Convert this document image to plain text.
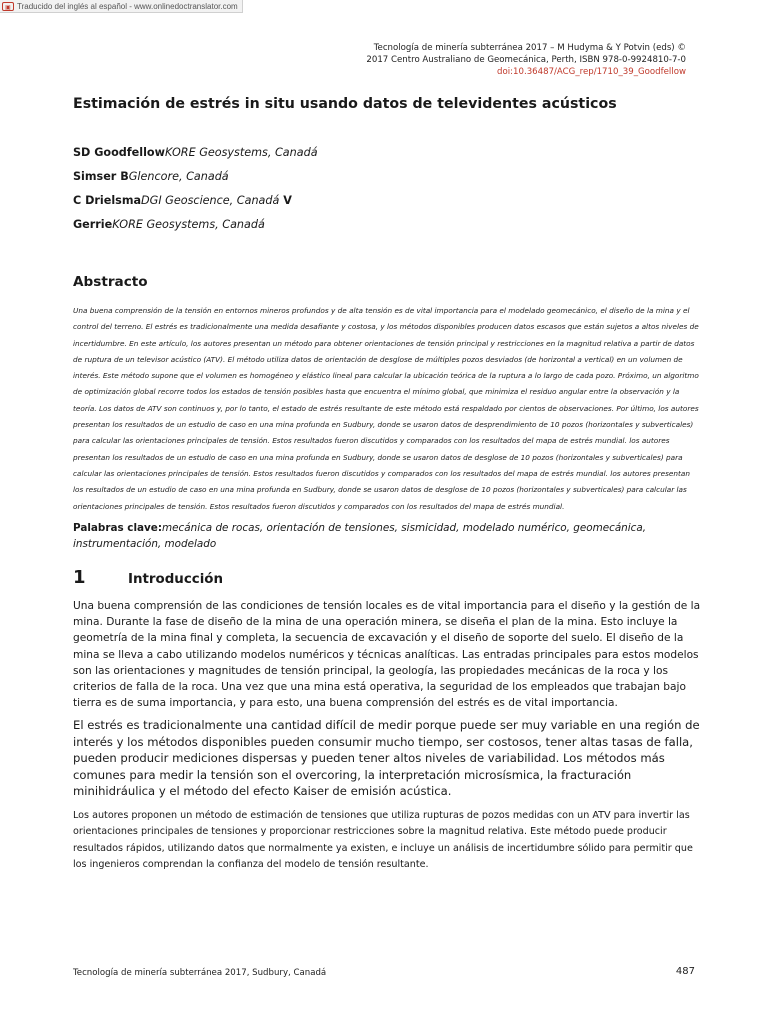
▣ Traducido del inglés al español - www.onlinedoctranslator.com
Tecnología de minería subterránea 2017 – M Hudyma & Y Potvin (eds) ©
2017 Centro Australiano de Geomecánica, Perth, ISBN 978-0-9924810-7-0
doi:10.36487/ACG_rep/1710_39_Goodfellow
Estimación de estrés in situ usando datos de televidentes acústicos
SD GoodfellowKORE Geosystems, Canadá
Simser BGlencore, Canadá
C DrielsmaDGI Geoscience, Canadá V
GerrieKORE Geosystems, Canadá
Abstracto

Una buena comprensión de la tensión en entornos mineros profundos y de alta tensión es de vital importancia para el modelado geomecánico, el diseño de la mina y el control del terreno. El estrés es tradicionalmente una medida desafiante y costosa, y los métodos disponibles producen datos escasos que están sujetos a altos niveles de incertidumbre. En este artículo, los autores presentan un método para obtener orientaciones de tensión principal y restricciones en la magnitud relativa a partir de datos de ruptura de un televisor acústico (ATV). El método utiliza datos de orientación de desglose de múltiples pozos desviados (de horizontal a vertical) en un volumen de interés. Este método supone que el volumen es homogéneo y elástico lineal para calcular la ubicación teórica de la ruptura a lo largo de cada pozo. Próximo, un algoritmo de optimización global recorre todos los estados de tensión posibles hasta que encuentra el mínimo global, que minimiza el residuo angular entre la observación y la teoría. Los datos de ATV son continuos y, por lo tanto, el estado de estrés resultante de este método está respaldado por cientos de observaciones. Por último, los autores presentan los resultados de un estudio de caso en una mina profunda en Sudbury, donde se usaron datos de desprendimiento de 10 pozos (horizontales y subverticales) para calcular las orientaciones principales de tensión. Estos resultados fueron discutidos y comparados con los resultados del mapa de estrés mundial. los autores presentan los resultados de un estudio de caso en una mina profunda en Sudbury, donde se usaron datos de desglose de 10 pozos (horizontales y subverticales) para calcular las orientaciones principales de tensión. Estos resultados fueron discutidos y comparados con los resultados del mapa de estrés mundial. los autores presentan los resultados de un estudio de caso en una mina profunda en Sudbury, donde se usaron datos de desglose de 10 pozos (horizontales y subverticales) para calcular las orientaciones principales de tensión. Estos resultados fueron discutidos y comparados con los resultados del mapa de estrés mundial.

Palabras clave:mecánica de rocas, orientación de tensiones, sismicidad, modelado numérico, geomecánica, instrumentación, modelado

1	Introducción

Una buena comprensión de las condiciones de tensión locales es de vital importancia para el diseño y la gestión de la mina. Durante la fase de diseño de la mina de una operación minera, se diseña el plan de la mina. Esto incluye la geometría de la mina final y completa, la secuencia de excavación y el diseño de soporte del suelo. El diseño de la mina se lleva a cabo utilizando modelos numéricos y técnicas analíticas. Las entradas principales para estos modelos son las orientaciones y magnitudes de tensión principal, la geología, las propiedades mecánicas de la roca y los criterios de falla de la roca. Una vez que una mina está operativa, la seguridad de los empleados que trabajan bajo tierra es de suma importancia, y para esto, una buena comprensión del estrés es de vital importancia.

El estrés es tradicionalmente una cantidad difícil de medir porque puede ser muy variable en una región de interés y los métodos disponibles pueden consumir mucho tiempo, ser costosos, tener altas tasas de falla, pueden producir mediciones dispersas y pueden tener altos niveles de variabilidad. Los métodos más comunes para medir la tensión son el overcoring, la interpretación microsísmica, la fracturación minihidráulica y el método del efecto Kaiser de emisión acústica.

Los autores proponen un método de estimación de tensiones que utiliza rupturas de pozos medidas con un ATV para invertir las orientaciones principales de tensiones y proporcionar restricciones sobre la magnitud relativa. Este método puede producir resultados rápidos, utilizando datos que normalmente ya existen, e incluye un análisis de incertidumbre sólido para permitir que los ingenieros comprendan la confianza del modelo de tensión resultante.

Tecnología de minería subterránea 2017, Sudbury, Canadá	487
